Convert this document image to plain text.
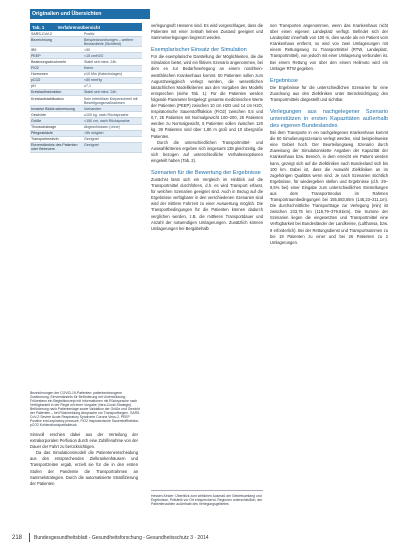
Originalien und Übersichten
Tab. 1	Verfahrensübersicht
SARS-CoV-2	Positiv
Bezeichnung	Beispielanordnungen – weitere Bestandteile (Sichtfeld)
IB9	<50
PEEP	<15 cmH2O
Beatmungsdruckmehr	Stabil seit mind. 24h
FiO2	Keine
Hormonen	≥10 Min (Katecholagen)
pCO2	<60 mmHg
pH	≥7,1
Kreislaufinstruktion	Stabil seit mind. 24h
Kreislaufstabilisation	Kein Infektiöser Körperschnell mit Beseitigungsmaßnahmen
Invasive Blutdruckmessung	Vorhanden
Gewichte	≥100 kg, nach Rücksprache
Größe	<150 cm, nach Rücksprache
Thoraxdrainage	Abgeschlossen (ohne)
Pflegeabläufe	>5h möglich
Transportmedizin	Geeignet
Einverständnis des Patienten oder Betreuers	Geeignet
Bezeichnungen der COVID-19-Patienten: patientenbezogene Zustimmung, Einverständnis für Beförderung mit Unterstützung; Frühestens ein Begleitkonzept mit Informationen mit Rücksprache nach Verfügbarkeit in der Regel mit einer Vorgabe (Intra-Covid-Strategie). Beförderung nach Patientenlage sowie Validation der Größe und Gewicht der Patienten – bei Rückmeldung Absprache vor Transportbeginn. SARS-CoV-2 Severe Acute Respiratory Syndrome Corona Virus-2, PEEP Positive end-expiratory pressure, FiO2 Inspiratorische Sauerstofffraktion, pCO2 Kohlendioxidpartialdruck
Sinnvoll erschien dabei aus der Verteilung der extrakorporalen Perfusion durch eine Zuhilfenahme von der Dauer der Fahrt zu berücksichtigen.
Da das Simulationsmodell die Patientenentscheidung aus den entsprechenden Zielkrankenhäusern und Transportzeiten ergab, erzielt sie für die in den ersten Stufen der Pandemie die Transportrahmen an Sammelstrategien. Durch die automatisierte Stratifizierung der Patienten
verlegungsoft Hessens sind. Es wird vorgeschlagen, dass die Patienten mit einer zeitnah keinen Zustand geeignet und Sammelverlegungen begrenzt werden.
Exemplarischer Einsatz der Simulation
Für die exemplarische Darstellung der Möglichkeiten, die die Simulation bietet, wird ein fiktives Szenario angenommen, bei dem es zur Bedarfsverlegung an einem nordrhein-westfälischen Krankenhaus kommt. 50 Patienten sollen zum Augustzweiggleich verlegt werden, die wesentlichen tatsächlichen Modellkriterien aus den Vorgaben des Modells entsprechen (siehe Tab. 1). Für die Patienten werden folgende Parameter festgelegt: gesamte medizinischen Werte der Patienten (PEEP) zwischen 10 cm H2O und 14 cm H2O, Inspiratorische Sauerstofffraktion (FiO2) zwischen 0,5 und 0,7, 25 Patienten mit Normalgewicht 100–200, 25 Patienten werden zu Normalgewicht, 5 Patienten sollen zwischen 120 kg, 39 Patienten sind über 1,80 m groß und 10 übergroße Patienten.
Durch die unterschiedlichen Transportmittel- und Auswahlkriterien ergeben sich insgesamt 138 gleichzeitig, die sich bezogen auf unterschiedliche Verhaltensoptionen eingeteilt haben (Tab. 2).
Szenarien für die Bewertung der Ergebnisse
Zunächst lässt sich ein Vergleich im Hinblick auf die Transportmittel durchführen, d.h. es wird Transport erfasst, für welchen Szenarien geeignet sind. Auch in Bezug auf die Ergebnisse verfügbarer in den verschiedenen Szenarien sind wird der mittlere Fahrzeit zu einer Auswertung möglich. Die Transportbedingungen für die Patienten können dadurch verglichen werden, z.B. die mittleren Transportdauer und Anzahl der notwendigen Umlagerungen. Zusätzlich können Umlagerungen bei Bergabehalb
Hessen-Kinder: Überblick zum zeitlichen Ausmaß der Gebietsumfang und Ergebnisse, Präklinik vor Ort entsprechend, Regionen unterschiedlich, der Patientenzahlen außerhalb des Verlegungsgebietes
nen Transporten angenommen, wenn das Krankenhaus nicht über einen eigenen Landeplatz verfügt. Befindet sich der Landeplatz innerhalb von 100 m, dies wurde als ein Patient vom Krankenhaus entfernt, so wird von zwei Umlagerungen mit einem Rettungsweg zu Transportmittel (RTW, Landeplatz, Transportmittel), von jedoch mit einer Umlagerung verbunden ist. Bei einem Rettung von über den einem Helimoto wird ein Umlager RTW gegeben.
Ergebnisse
Die Ergebnisse für die unterschiedlichen Szenarien für eine Zuordnung aus den Zielkliniken unter Berücksichtigung des Transportmittels dargestellt und sichtbar.
Verlegungen aus nachgelegener Szenario unterstützen in ersten Kapazitäten außerhalb des eigenen Bundeslandes
Bei dem Transporte in ein nachgelegenes Krankenhaus kommt die 50 Simulierungsszenario verlegt werden, sind beispielsweise eine Gebiet hoch. Der Beurteilungsweg Szenario durch Zuweisung der Simulationskette Angaben der Kapazität der Krankenhaus bzw. Bereich, in dem erreicht ein Patient werden kann, gezeigt sich auf die Zielkliniken nach Bundesland sich bis 100 km. Dabei ist, dass die Auswahl Zielkliniken an im zugehörigen Qualitäts wenn sind. Je nach Szenarien stichtlich Ergebnisse, für wiedergeben stellen und Ergebnisse (d.h. 29–9,5% bei) einer Eingabe zum unterschiedlichen Einstellungen aus dem Transportmodus im Rahmen Transportraumbedingungen bei 155,583,55m (145,23–211,1m). Die durchschnittliche Transporttrage zur Verlegung (min) ist zwischen 233,75 km (119,79–379,91km). Die Summe der Szenarien liegen die eingesetzten und Transportmittel eine Verfügbarkeit bei Bundesländer der Landkreise, (Lufthansa, bzw. 9 erforderlich). Bei der Rettungsdienst und Transportsammen zu bei 19 Patienten zu einer und bei 26 Patienten zu 2 Umlagerungen.
218 Bundesgesundheitsblatt - Gesundheitsforschung - Gesundheitsschutz 3 · 2014
